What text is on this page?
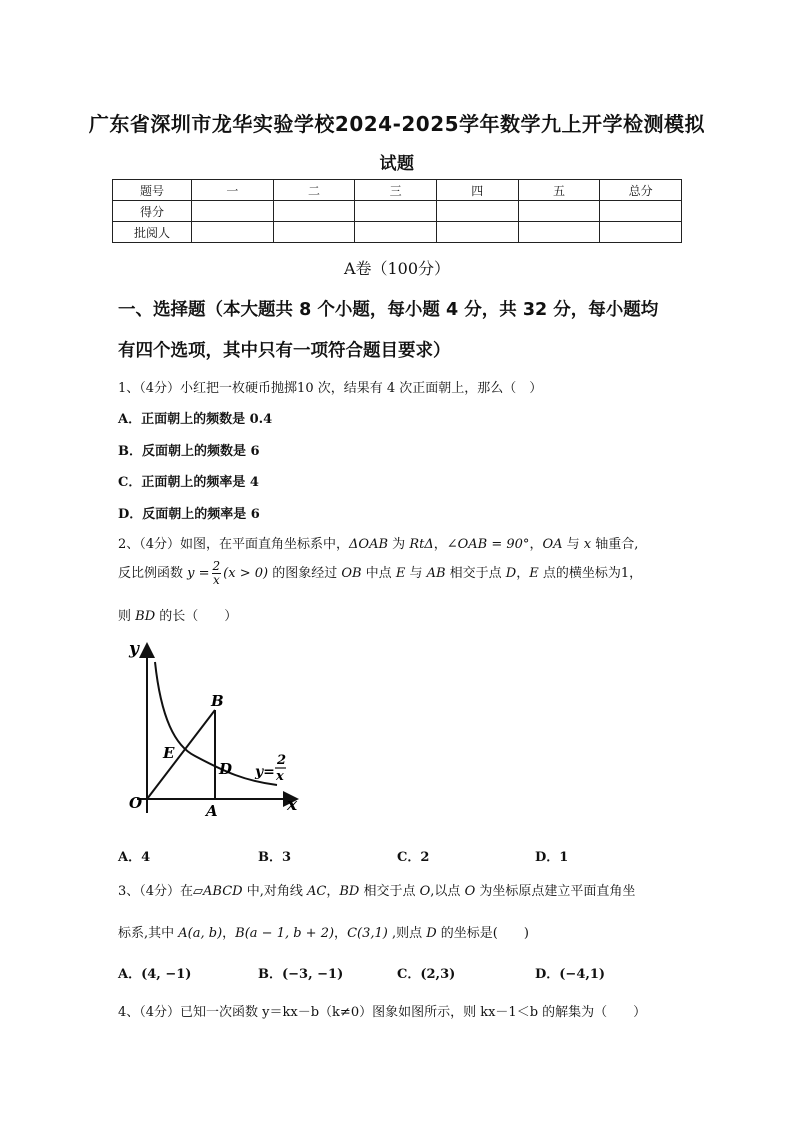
广东省深圳市龙华实验学校2024-2025学年数学九上开学检测模拟
试题
题号	一	二	三	四	五	总分
得分						
批阅人						
A卷（100分）
一、选择题（本大题共 8 个小题，每小题 4 分，共 32 分，每小题均
有四个选项，其中只有一项符合题目要求）
1、（4分）小红把一枚硬币抛掷10 次，结果有 4 次正面朝上，那么（　）
A．正面朝上的频数是 0.4
B．反面朝上的频数是 6
C．正面朝上的频率是 4
D．反面朝上的频率是 6
2、（4分）如图，在平面直角坐标系中，ΔOAB 为 RtΔ，∠OAB = 90°，OA 与 x 轴重合,
反比例函数 $y = \frac{2}{x} (x > 0)$ 的图象经过 OB 中点 E 与 AB 相交于点 D，E 点的横坐标为1，
则 BD 的长（　　）
y
x
O	A
B
D
E
y=
2
x
A．4	B．3	C．2	D．1
3、（4分）在▱ABCD 中,对角线 AC，BD 相交于点 O,以点 O 为坐标原点建立平面直角坐
标系,其中 A(a, b)，B(a − 1, b + 2)，C(3,1) ,则点 D 的坐标是(　　)
A．(4, −1)	B．(−3, −1)	C．(2,3)	D．(−4,1)
4、（4分）已知一次函数 y＝kx－b（k≠0）图象如图所示，则 kx－1＜b 的解集为（　　）
